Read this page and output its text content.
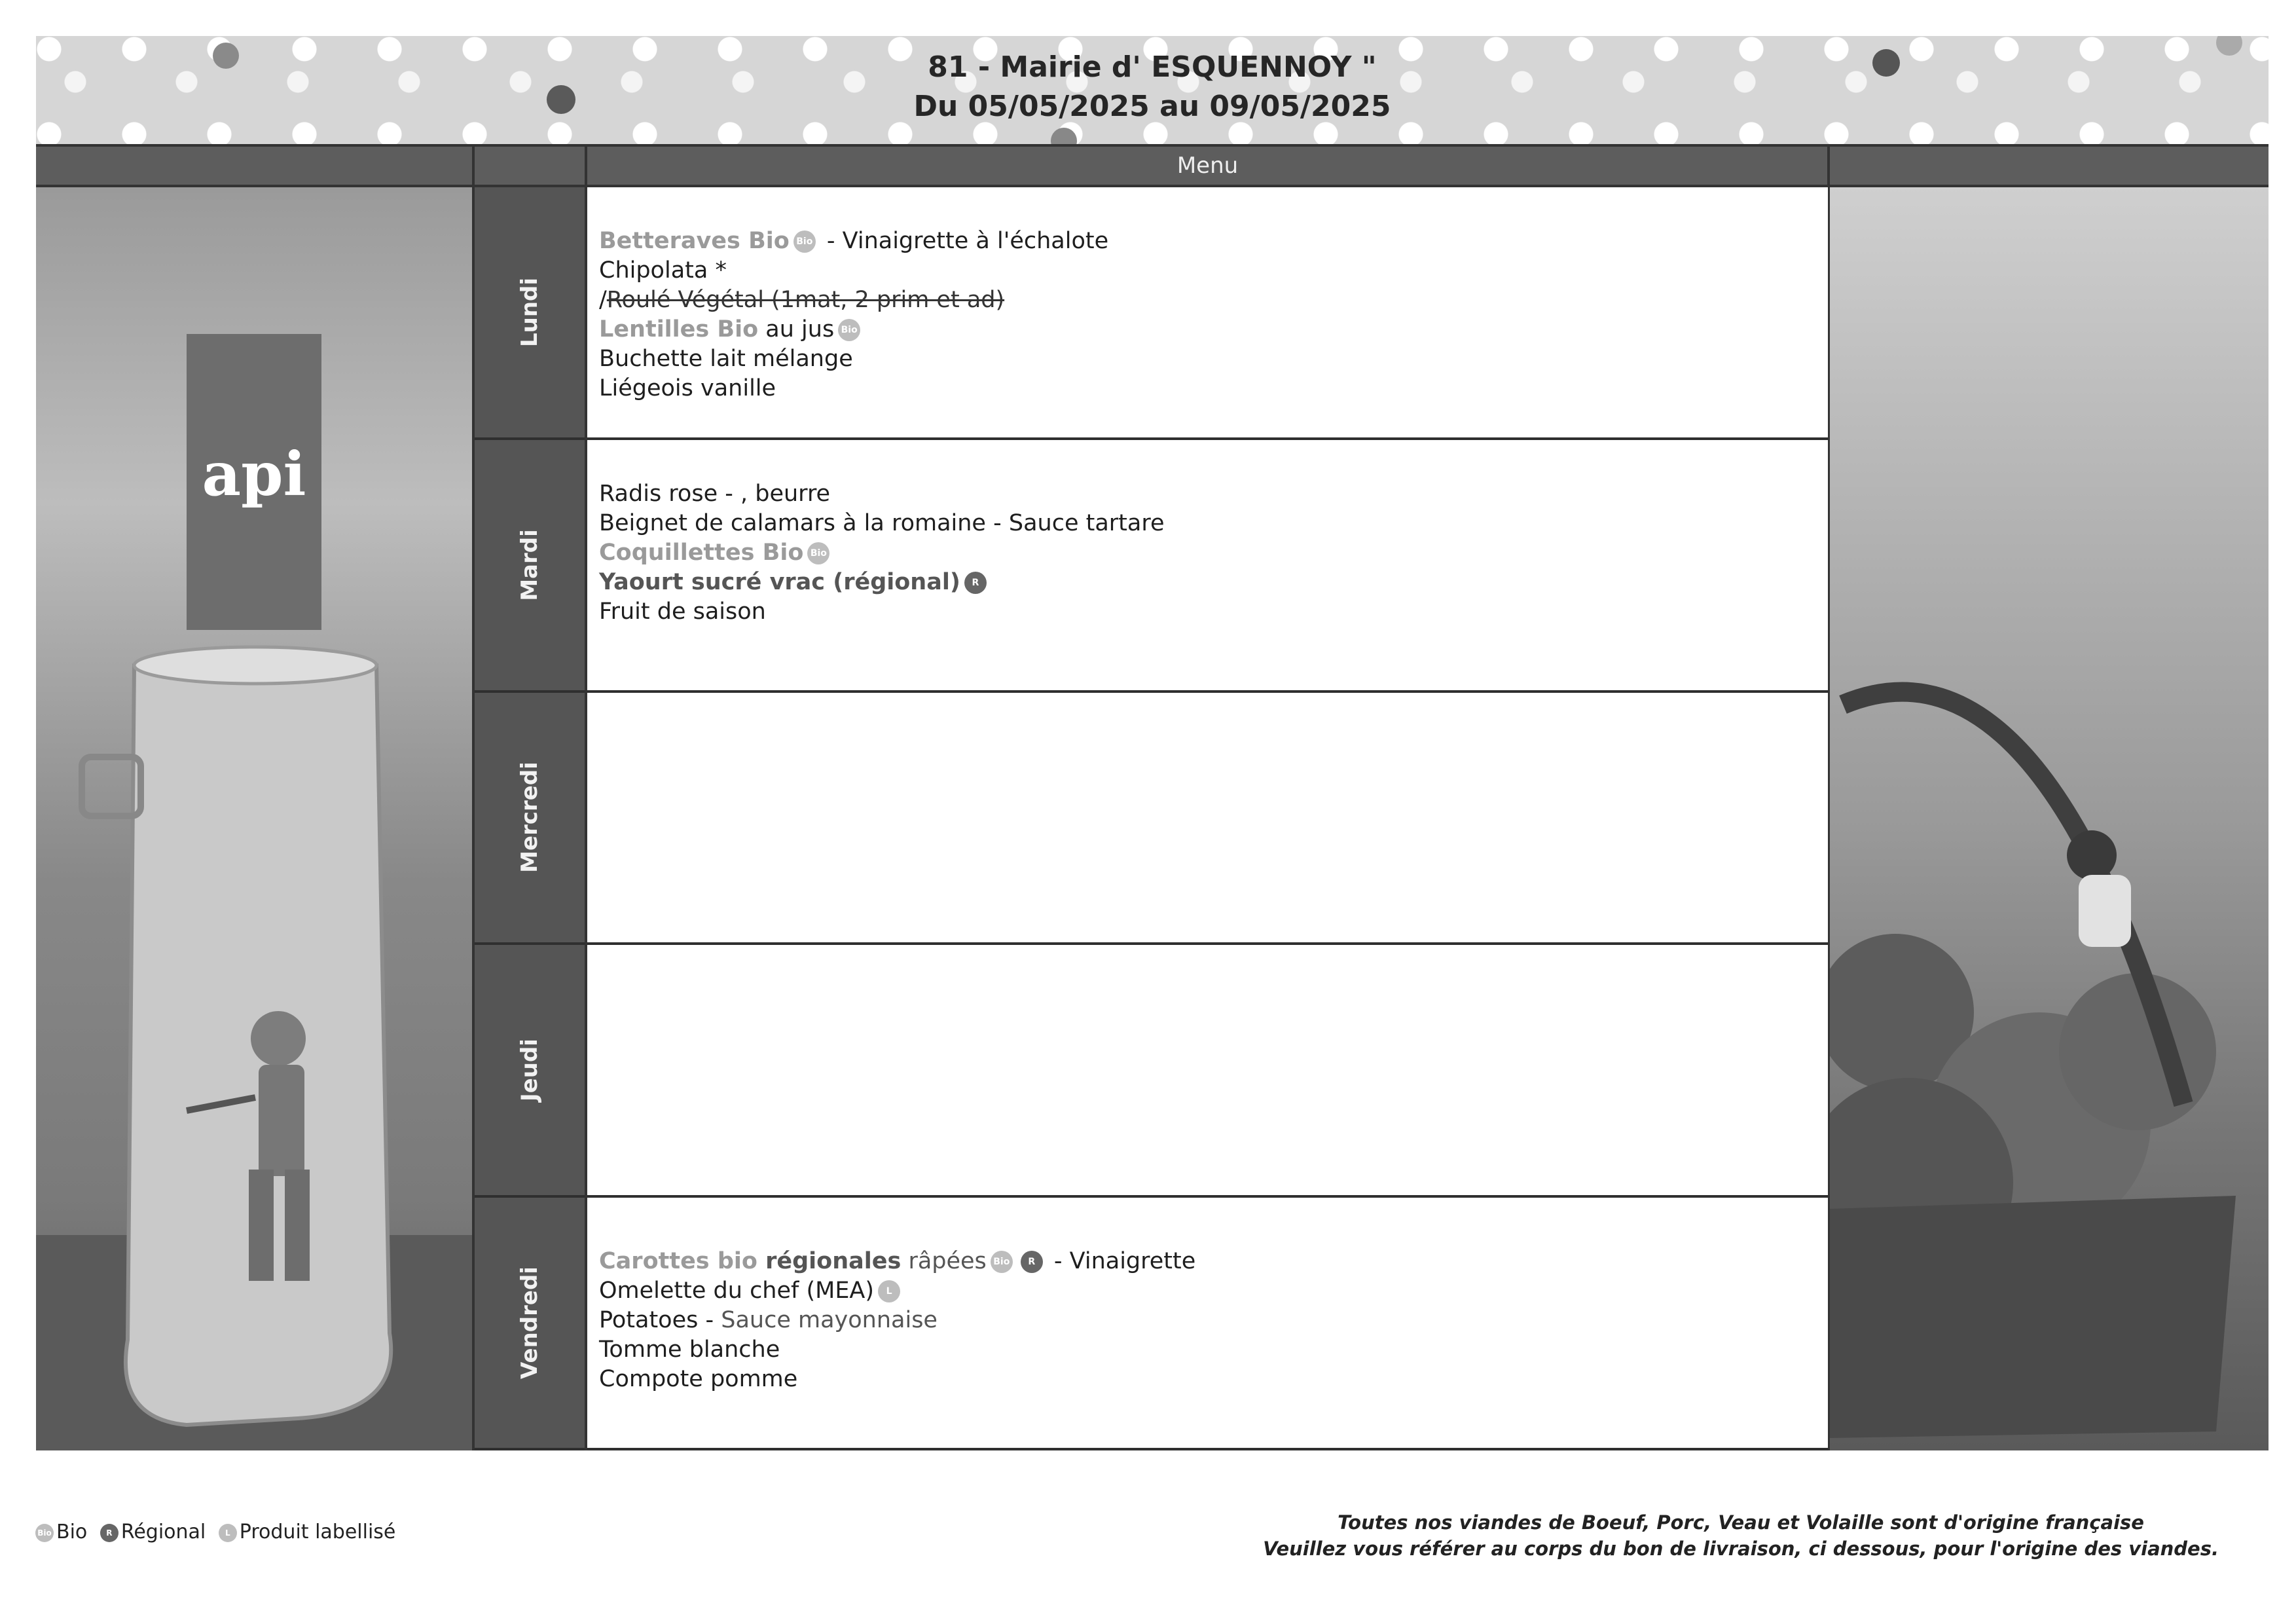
81 - Mairie d' ESQUENNOY "
Du 05/05/2025 au 09/05/2025
Menu
api
Lundi
Betteraves Bio Bio - Vinaigrette à l'échalote
Chipolata *
/Roulé Végétal (1mat, 2 prim et ad)
Lentilles Bio au jus Bio
Buchette lait mélange
Liégeois vanille
Mardi
Radis rose - , beurre
Beignet de calamars à la romaine - Sauce tartare
Coquillettes Bio Bio
Yaourt sucré vrac (régional) R
Fruit de saison
Mercredi
Jeudi
Vendredi
Carottes bio régionales râpées Bio R - Vinaigrette
Omelette du chef (MEA) L
Potatoes - Sauce mayonnaise
Tomme blanche
Compote pomme
Bio Bio R Régional L Produit labellisé	Toutes nos viandes de Boeuf, Porc, Veau et Volaille sont d'origine française
Veuillez vous référer au corps du bon de livraison, ci dessous, pour l'origine des viandes.
